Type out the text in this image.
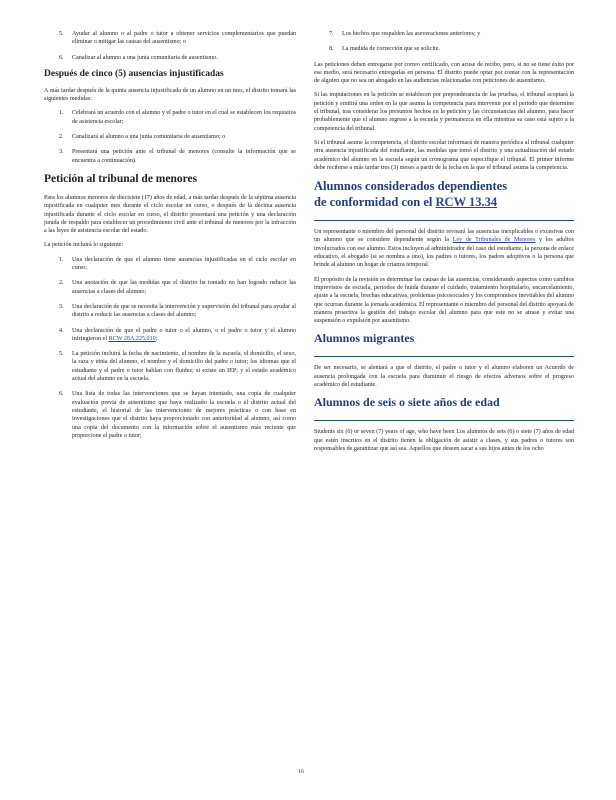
5. Ayudar al alumno o al padre o tutor a obtener servicios complementarios que puedan eliminar o mitigar las causas del ausentismo; o
6. Canalizar al alumno a una junta comunitaria de ausentismo.
Después de cinco (5) ausencias injustificadas

A más tardar después de la quinta ausencia injustificada de un alumno en un mes, el distrito tomará las siguientes medidas:

1. Celebrará un acuerdo con el alumno y el padre o tutor en el cual se establecen los requisitos de asistencia escolar;
2. Canalizará al alumno a una junta comunitaria de ausentismo; o
3. Presentará una petición ante el tribunal de menores (consulte la información que se encuentra a continuación).
Petición al tribunal de menores

Para los alumnos menores de diecisiete (17) años de edad, a más tardar después de la séptima ausencia injustificada en cualquier mes durante el ciclo escolar en curso, o después de la décima ausencia injustificada durante el ciclo escolar en curso, el distrito presentará una petición y una declaración jurada de respaldo para establecer un procedimiento civil ante el tribunal de menores por la infracción a las leyes de asistencia escolar del estado.

La petición incluirá lo siguiente:

1. Una declaración de que el alumno tiene ausencias injustificadas en el ciclo escolar en curso;
2. Una anotación de que las medidas que el distrito ha tomado no han logrado reducir las ausencias a clases del alumno;
3. Una declaración de que se necesita la intervención y supervisión del tribunal para ayudar al distrito a reducir las ausencias a clases del alumno;
4. Una declaración de que el padre o tutor o el alumno, o el padre o tutor y el alumno infringieron el RCW 28A.225.010;
5. La petición incluirá la fecha de nacimiento, el nombre de la escuela, el domicilio, el sexo, la raza y etnia del alumno, el nombre y el domicilio del padre o tutor; los idiomas que el estudiante y el padre o tutor hablan con fluidez; si existe un IEP; y el estado académico actual del alumno en la escuela.
6. Una lista de todas las intervenciones que se hayan intentado, una copia de cualquier evaluación previa de ausentismo que haya realizado la escuela o el distrito actual del estudiante, el historial de las intervenciones de mejores prácticas o con base en investigaciones que el distrito haya proporcionado con anterioridad al alumno, así como una copia del documento con la información sobre el ausentismo más reciente que proporcione el padre o tutor;
7. Los hechos que respalden las aseveraciones anteriores; y
8. La medida de corrección que se solicite.

Las peticiones deben entregarse por correo certificado, con acuse de recibo, pero, si no se tiene éxito por ese medio, será necesario entregarlas en persona. El distrito puede optar por contar con la representación de alguien que no sea un abogado en las audiencias relacionadas con peticiones de ausentismo.

Si las imputaciones en la petición se establecen por preponderancia de las pruebas, el tribunal acoptará la petición y emitirá una orden en la que asuma la competencia para intervenir por el periodo que determine el tribunal, tras considerar los presuntos hechos en la petición y las circunstancias del alumno, para hacer probablemente que el alumno regrese a la escuela y permanezca en ella mientras su caso está sujeto a la competencia del tribunal.

Si el tribunal asume la competencia, el distrito escolar informará de manera periódica al tribunal cualquier otra ausencia injustificada del estudiante, las medidas que tomó el distrito y una actualización del estado académico del alumno en la escuela según un cronograma que especifique el tribunal. El primer informe debe recibirse a más tardar tres (3) meses a partir de la fecha en la que el tribunal asuma la competencia.

Alumnos considerados dependientes
de conformidad con el RCW 13.34

Un representante o miembro del personal del distrito revisará las ausencias inexplicables o excesivas con un alumno que se considere dependiente según la Ley de Tribunales de Menores y los adultos involucrados con ese alumno. Estos incluyen al administrador del caso del estudiante, la persona de enlace educativo, el abogado (si se nombra a uno), los padres o tutores, los padres adoptivos o la persona que brinde al alumno un hogar de crianza temporal.

El propósito de la revisión es determinar las causas de las ausencias, considerando aspectos como cambios imprevistos de escuela, periodos de huida durante el cuidado, tratamiento hospitalario, encarcelamiento, ajuste a la escuela, brechas educativas, problemas psicosociales y los compromisos inevitables del alumno que ocurran durante la jornada académica. El representante o miembro del personal del distrito apoyará de manera proactiva la gestión del trabajo escolar del alumno para que este no se atrase y evitar una suspensión o expulsión por ausentismo.

Alumnos migrantes

De ser necesario, se alentará a que el distrito, el padre o tutor y el alumno elaboren un Acuerdo de ausencia prolongada con la escuela para disminuir el riesgo de efectos adversos sobre el progreso académico del estudiante.

Alumnos de seis o siete años de edad

Students six (6) or seven (7) years of age, who have been Los alumnos de seis (6) o siete (7) años de edad que estén inscritos en el distrito tienen la obligación de asistir a clases, y sus padres o tutores son responsables de garantizar que así sea. Aquellos que deseen sacar a sus hijos antes de los ocho

16
